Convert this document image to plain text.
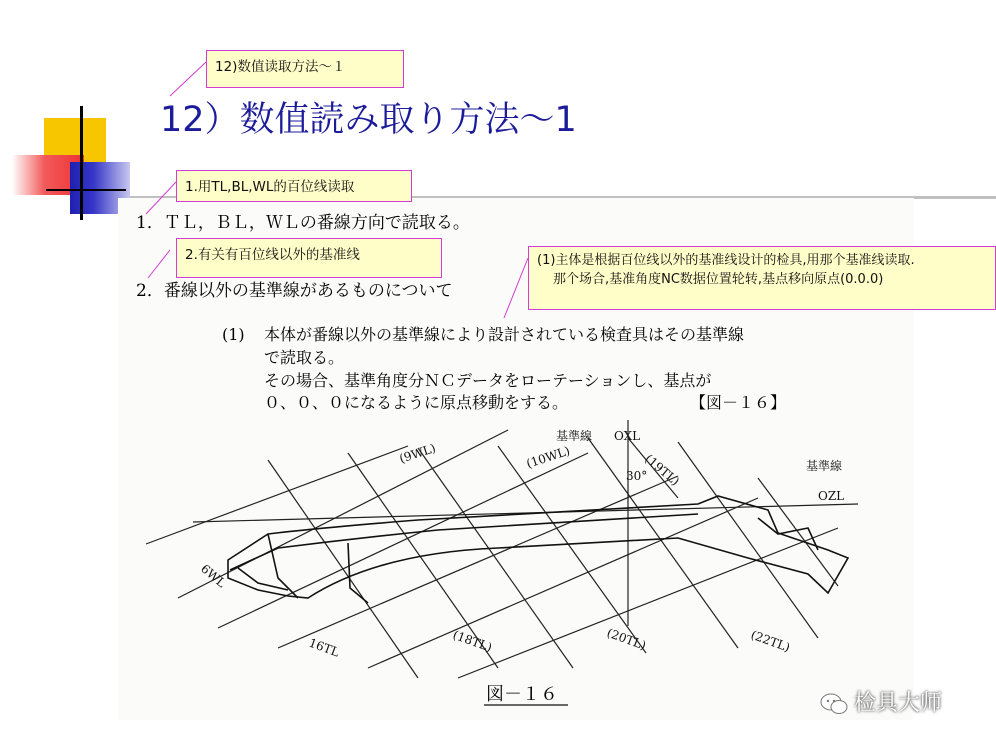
12）数值読み取り方法～1
1．ＴＬ，ＢＬ，ＷＬの番線方向で読取る。
2．番線以外の基準線があるものについて
(1) 本体が番線以外の基準線により設計されている検査具はその基準線
で読取る。
その場合、基準角度分ＮＣデータをローテーションし、基点が
０、０、０になるように原点移動をする。	【図－１６】
基準線 OXL
(9WL)	(10WL)	(19TL)
30°
基準線
OZL
6WL
16TL	(18TL)	(20TL)	(22TL)
図－１６
12)数值读取方法～１
1.用TL,BL,WL的百位线读取
2.有关有百位线以外的基准线	(1)主体是根据百位线以外的基准线设计的检具,用那个基准线读取.
那个场合,基准角度NC数据位置轮转,基点移向原点(0.0.0)
检具大师
